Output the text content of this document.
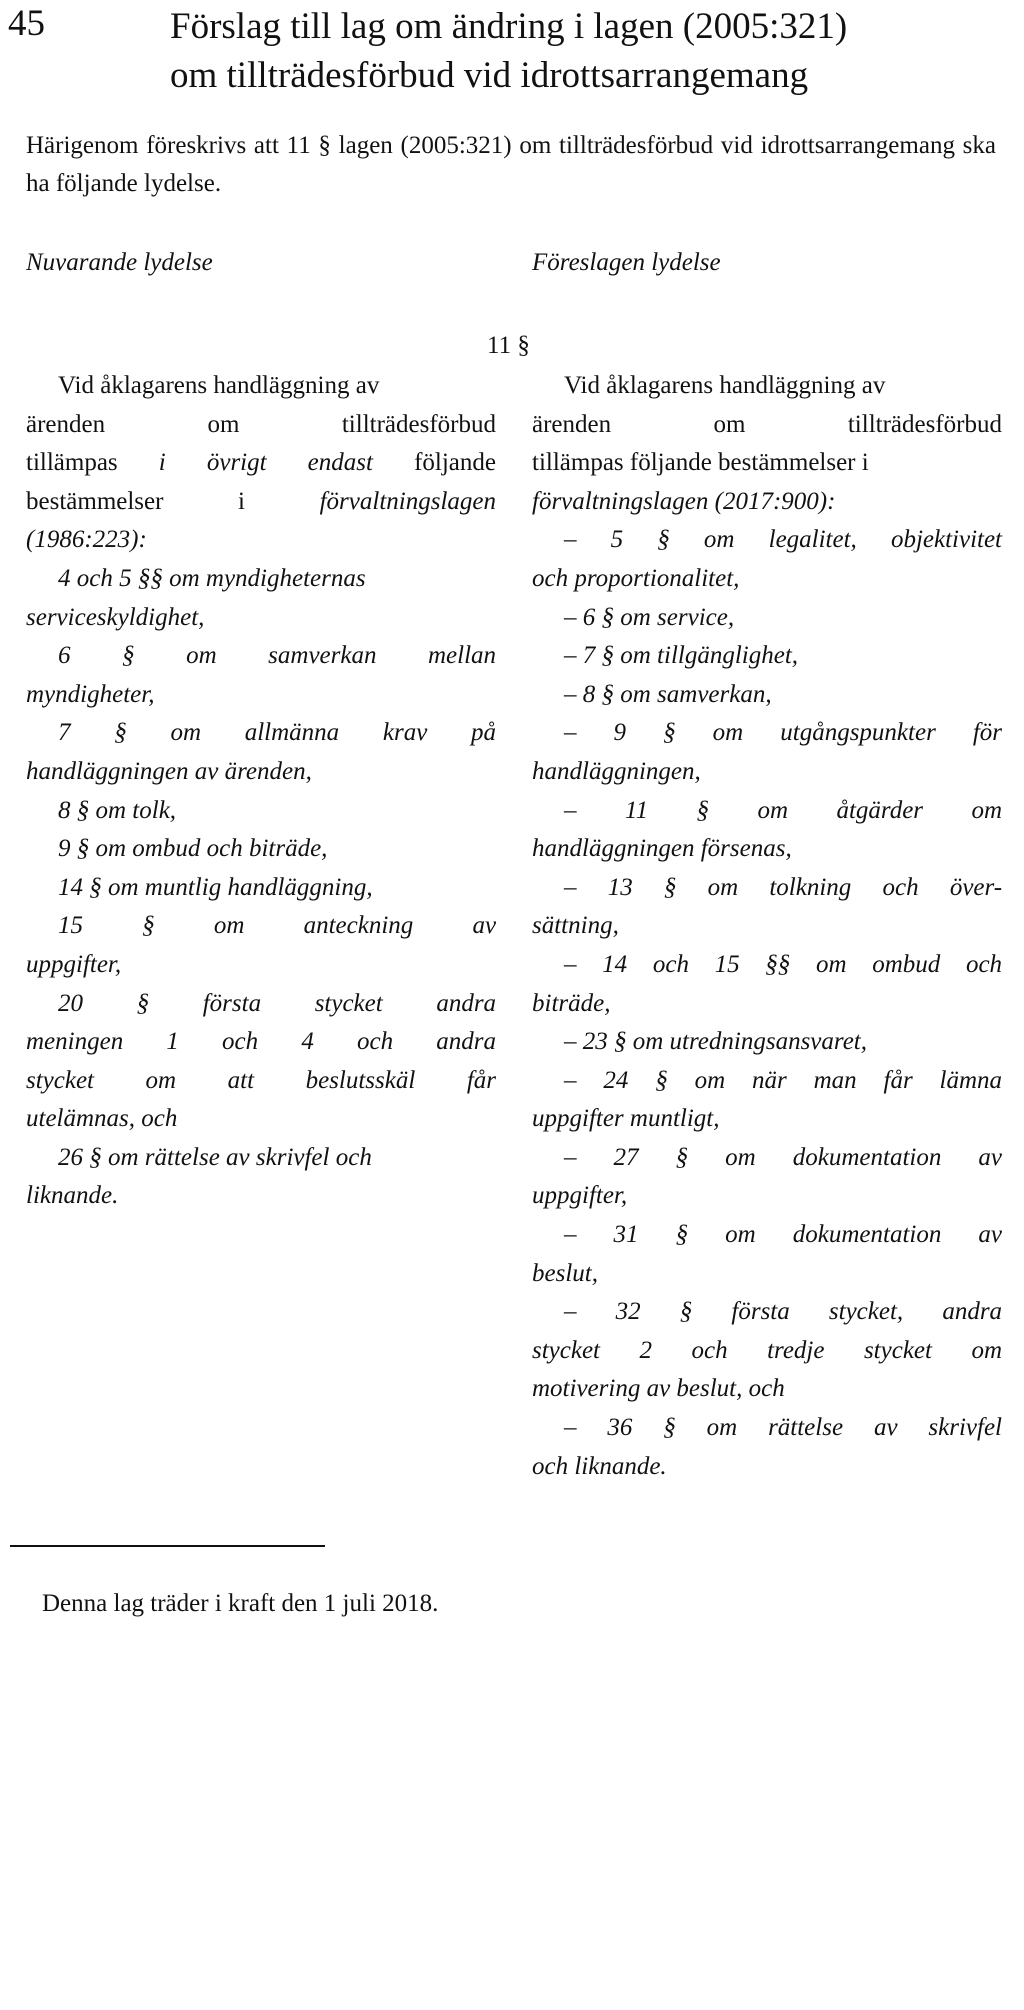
45	Förslag till lag om ändring i lagen (2005:321)
om tillträdesförbud vid idrottsarrangemang
Härigenom föreskrivs att 11 § lagen (2005:321) om tillträdesförbud vid idrottsarrangemang ska ha följande lydelse.
Nuvarande lydelse	Föreslagen lydelse
11 §
Vid åklagarens handläggning av
ärenden	om	tillträdesförbud
tillämpas i övrigt endast följande
bestämmelser i	förvaltningslagen
(1986:223):
4 och 5 §§ om myndigheternas
serviceskyldighet,
6 § om samverkan mellan
myndigheter,
7 § om allmänna krav på
handläggningen av ärenden,
8 § om tolk,
9 § om ombud och biträde,
14 § om muntlig handläggning,
15 § om anteckning av
uppgifter,
20 § första stycket andra
meningen 1 och 4 och andra
stycket om att beslutsskäl får
utelämnas, och
26 § om rättelse av skrivfel och
liknande.
Vid åklagarens handläggning av
ärenden	om	tillträdesförbud
tillämpas följande bestämmelser i
förvaltningslagen (2017:900):
– 5 § om legalitet, objektivitet
och proportionalitet,
– 6 § om service,
– 7 § om tillgänglighet,
– 8 § om samverkan,
– 9 § om utgångspunkter för
handläggningen,
– 11 § om åtgärder om
handläggningen försenas,
– 13 § om tolkning och över-
sättning,
– 14 och 15 §§ om ombud och
biträde,
– 23 § om utredningsansvaret,
– 24 § om när man får lämna
uppgifter muntligt,
– 27 § om dokumentation av
uppgifter,
– 31 § om dokumentation av
beslut,
– 32 § första stycket, andra
stycket 2 och tredje stycket om
motivering av beslut, och
– 36 § om rättelse av skrivfel
och liknande.
Denna lag träder i kraft den 1 juli 2018.
